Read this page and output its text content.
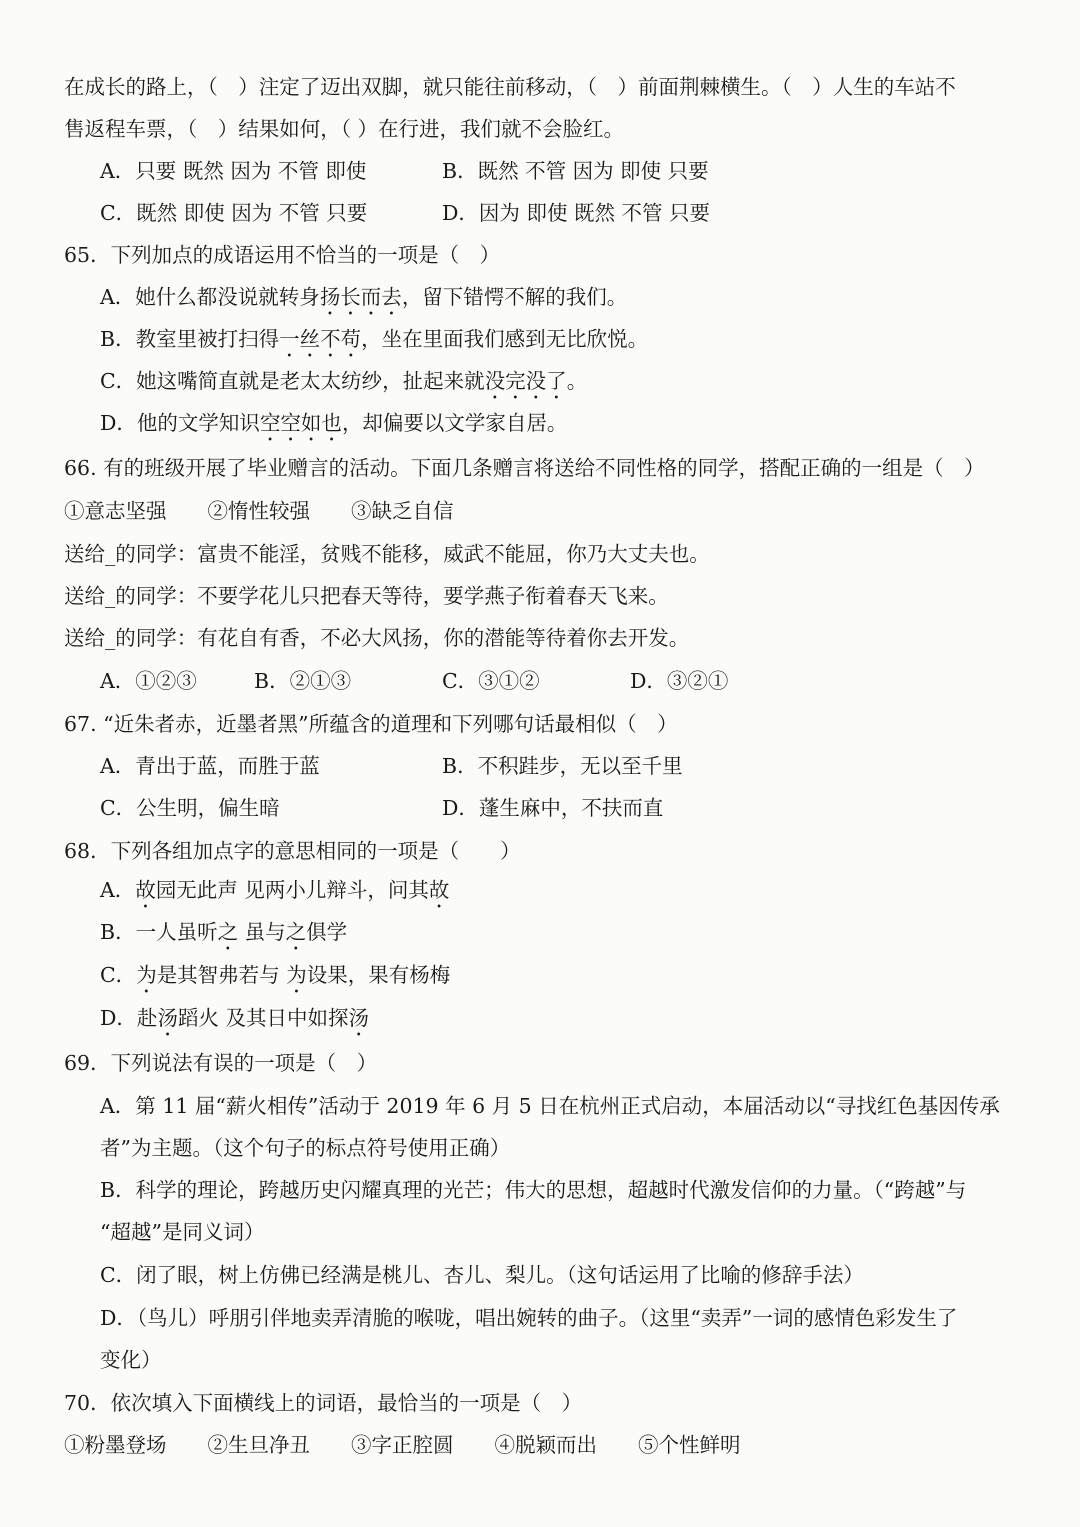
在成长的路上，（　）注定了迈出双脚，就只能往前移动，（　）前面荆棘横生。（　）人生的车站不
售返程车票，（　）结果如何，（ ）在行进，我们就不会脸红。
A．只要 既然 因为 不管 即使	B．既然 不管 因为 即使 只要
C．既然 即使 因为 不管 只要	D．因为 即使 既然 不管 只要
65．下列加点的成语运用不恰当的一项是（　）
A．她什么都没说就转身扬长而去，留下错愕不解的我们。
B．教室里被打扫得一丝不苟，坐在里面我们感到无比欣悦。
C．她这嘴简直就是老太太纺纱，扯起来就没完没了。
D．他的文学知识空空如也，却偏要以文学家自居。
66. 有的班级开展了毕业赠言的活动。下面几条赠言将送给不同性格的同学，搭配正确的一组是（　）
①意志坚强　　②惰性较强　　③缺乏自信
送给_的同学：富贵不能淫，贫贱不能移，威武不能屈，你乃大丈夫也。
送给_的同学：不要学花儿只把春天等待，要学燕子衔着春天飞来。
送给_的同学：有花自有香，不必大风扬，你的潜能等待着你去开发。
A．①②③	B．②①③	C．③①②	D．③②①
67. “近朱者赤，近墨者黑”所蕴含的道理和下列哪句话最相似（　）
A．青出于蓝，而胜于蓝	B．不积跬步，无以至千里
C．公生明，偏生暗	D．蓬生麻中，不扶而直
68．下列各组加点字的意思相同的一项是（　　）
A．故园无此声 见两小儿辩斗，问其故
B．一人虽听之 虽与之俱学
C．为是其智弗若与 为设果，果有杨梅
D．赴汤蹈火 及其日中如探汤
69．下列说法有误的一项是（　）
A．第 11 届“薪火相传”活动于 2019 年 6 月 5 日在杭州正式启动，本届活动以“寻找红色基因传承
者”为主题。（这个句子的标点符号使用正确）
B．科学的理论，跨越历史闪耀真理的光芒；伟大的思想，超越时代激发信仰的力量。（“跨越”与
“超越”是同义词）
C．闭了眼，树上仿佛已经满是桃儿、杏儿、梨儿。（这句话运用了比喻的修辞手法）
D．（鸟儿）呼朋引伴地卖弄清脆的喉咙，唱出婉转的曲子。（这里“卖弄”一词的感情色彩发生了
变化）
70．依次填入下面横线上的词语，最恰当的一项是（　）
①粉墨登场　　②生旦净丑　　③字正腔圆　　④脱颖而出　　⑤个性鲜明
